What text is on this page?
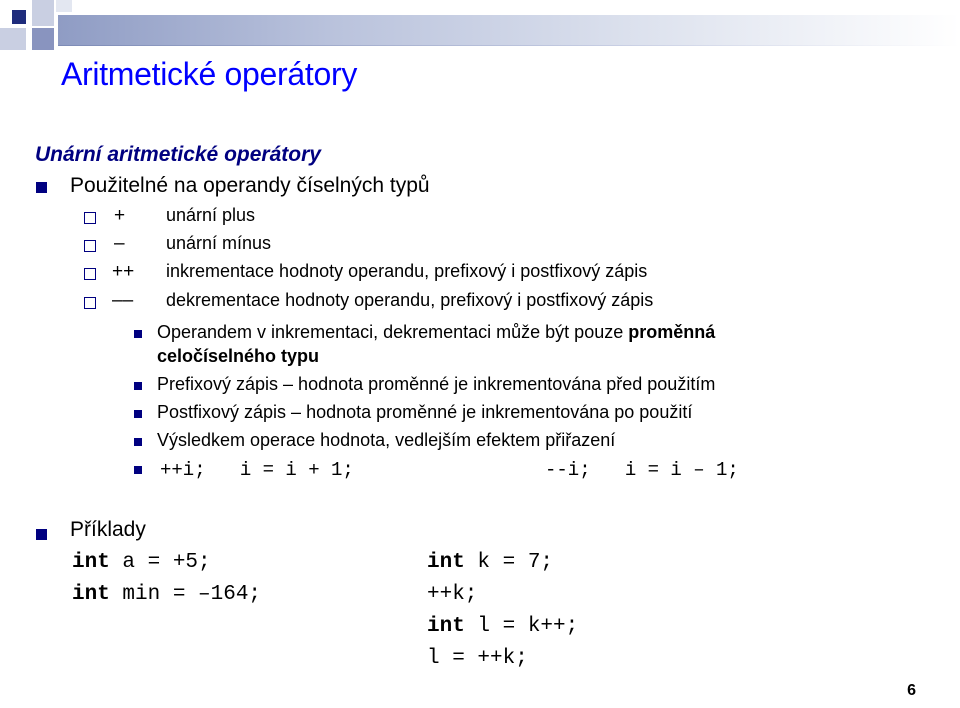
Aritmetické operátory
Unární aritmetické operátory
Použitelné na operandy číselných typů
+ unární plus
– unární mínus
++ inkrementace hodnoty operandu, prefixový i postfixový zápis
–– dekrementace hodnoty operandu, prefixový i postfixový zápis
Operandem v inkrementaci, dekrementaci může být pouze proměnná
celočíselného typu
Prefixový zápis – hodnota proměnné je inkrementována před použitím
Postfixový zápis – hodnota proměnné je inkrementována po použití
Výsledkem operace hodnota, vedlejším efektem přiřazení
++i;   i = i + 1;	--i;   i = i – 1;
Příklady
int a = +5;
int min = –164;
int k = 7;
++k;
int l = k++;
l = ++k;
6
